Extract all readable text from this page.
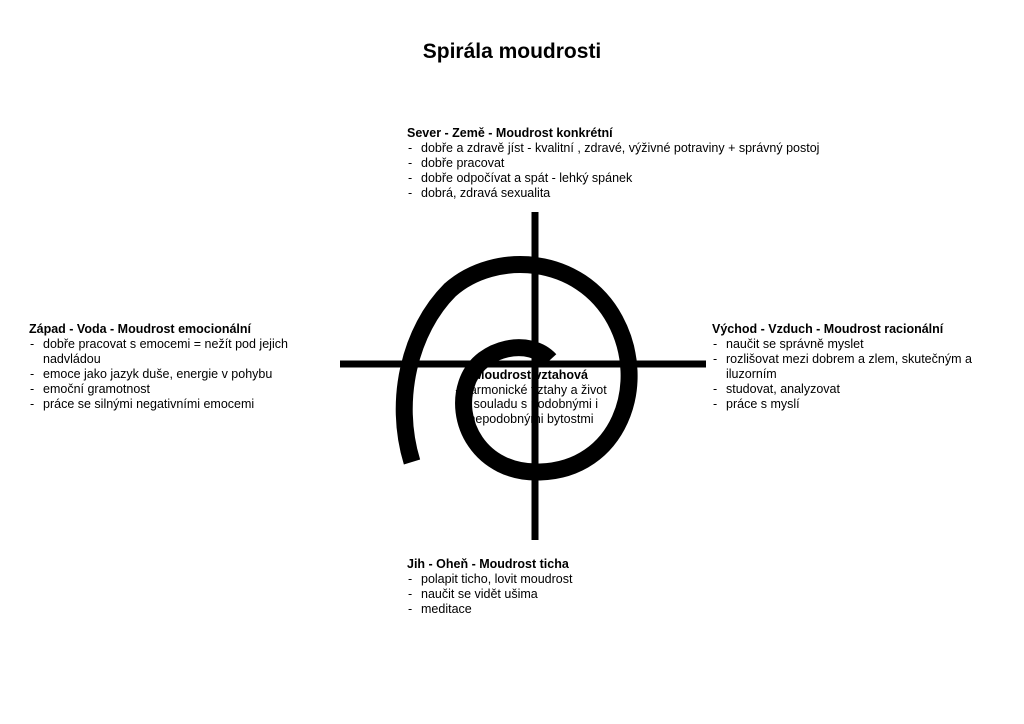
Spirála moudrosti
Sever - Země - Moudrost konkrétní
- dobře a zdravě jíst - kvalitní , zdravé, výživné potraviny + správný postoj
- dobře pracovat
- dobře odpočívat a spát - lehký spánek
- dobrá, zdravá sexualita
Západ - Voda - Moudrost emocionální
- dobře pracovat s emocemi = nežít pod jejich nadvládou
- emoce jako jazyk duše, energie v pohybu
- emoční gramotnost
- práce se silnými negativními emocemi
Východ - Vzduch - Moudrost racionální
- naučit se správně myslet
- rozlišovat mezi dobrem a zlem, skutečným a iluzorním
- studovat, analyzovat
- práce s myslí
Jih - Oheň - Moudrost ticha
- polapit ticho, lovit moudrost
- naučit se vidět ušima
- meditace
Moudrost vztahová
- harmonické vztahy a život
v souladu s podobnými i
nepodobnými bytostmi
